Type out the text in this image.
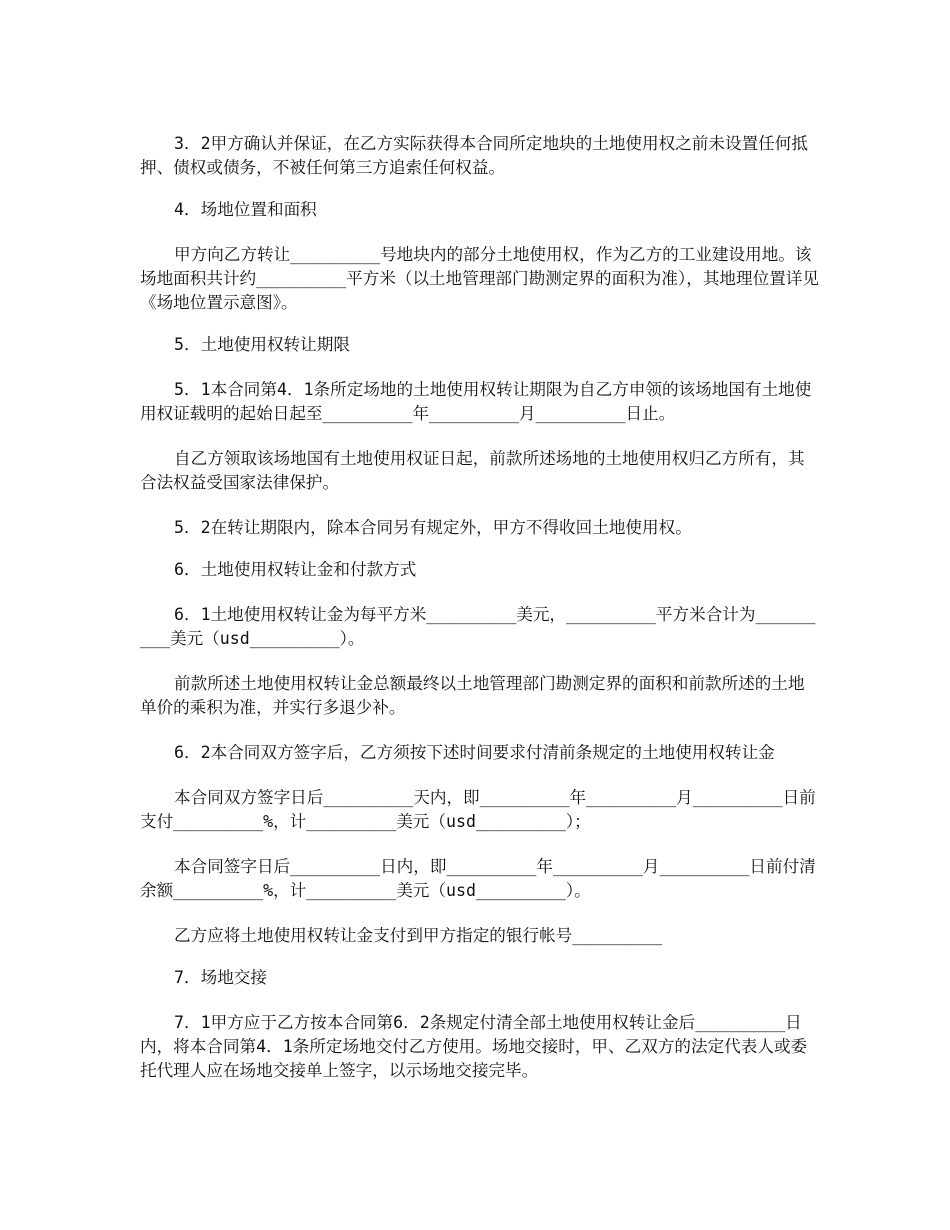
3．2甲方确认并保证，在乙方实际获得本合同所定地块的土地使用权之前未设置任何抵押、债权或债务，不被任何第三方追索任何权益。

4．场地位置和面积

甲方向乙方转让_________号地块内的部分土地使用权，作为乙方的工业建设用地。该场地面积共计约_________平方米（以土地管理部门勘测定界的面积为准），其地理位置详见《场地位置示意图》。

5．土地使用权转让期限

5．1本合同第4．1条所定场地的土地使用权转让期限为自乙方申领的该场地国有土地使用权证载明的起始日起至_________年_________月_________日止。

自乙方领取该场地国有土地使用权证日起，前款所述场地的土地使用权归乙方所有，其合法权益受国家法律保护。

5．2在转让期限内，除本合同另有规定外，甲方不得收回土地使用权。

6．土地使用权转让金和付款方式

6．1土地使用权转让金为每平方米_________美元，_________平方米合计为_________美元（usd_________）。

前款所述土地使用权转让金总额最终以土地管理部门勘测定界的面积和前款所述的土地单价的乘积为准，并实行多退少补。

6．2本合同双方签字后，乙方须按下述时间要求付清前条规定的土地使用权转让金

本合同双方签字日后_________天内，即_________年_________月_________日前支付_________%，计_________美元（usd_________）；

本合同签字日后_________日内，即_________年_________月_________日前付清余额_________%，计_________美元（usd_________）。

乙方应将土地使用权转让金支付到甲方指定的银行帐号_________

7．场地交接

7．1甲方应于乙方按本合同第6．2条规定付清全部土地使用权转让金后_________日内，将本合同第4．1条所定场地交付乙方使用。场地交接时，甲、乙双方的法定代表人或委托代理人应在场地交接单上签字，以示场地交接完毕。
